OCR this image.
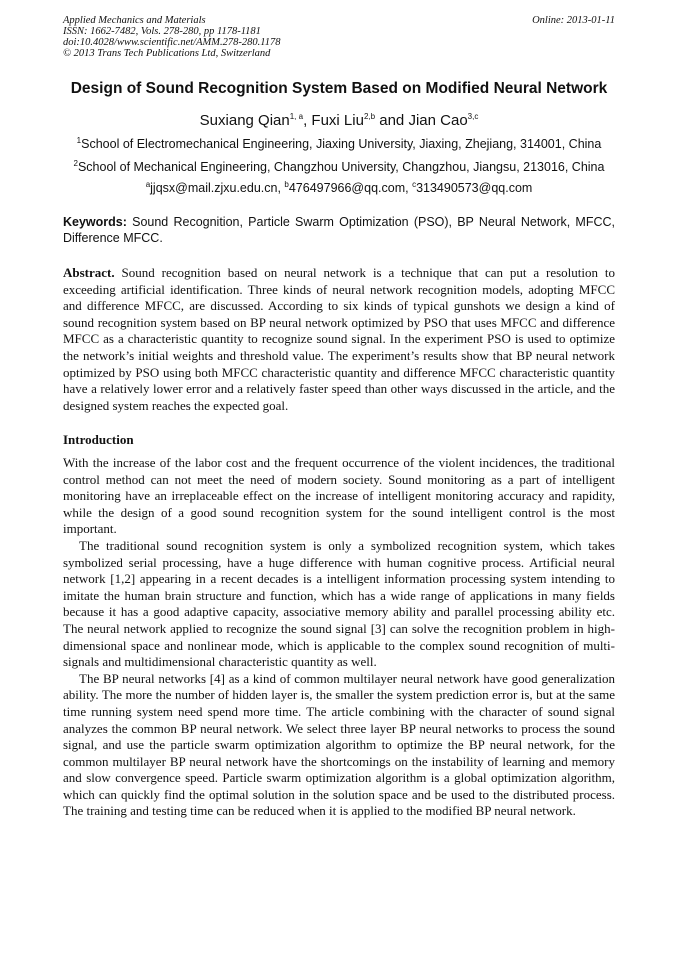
Applied Mechanics and Materials
ISSN: 1662-7482, Vols. 278-280, pp 1178-1181
doi:10.4028/www.scientific.net/AMM.278-280.1178
© 2013 Trans Tech Publications Ltd, Switzerland
Online: 2013-01-11
Design of Sound Recognition System Based on Modified Neural Network
Suxiang Qian$^{1, a}$, Fuxi Liu$^{2,b}$ and Jian Cao$^{3,c}$
$^1$School of Electromechanical Engineering, Jiaxing University, Jiaxing, Zhejiang, 314001, China
$^2$School of Mechanical Engineering, Changzhou University, Changzhou, Jiangsu, 213016, China
$^a$jjqsx@mail.zjxu.edu.cn, $^b$476497966@qq.com, $^c$313490573@qq.com
Keywords: Sound Recognition, Particle Swarm Optimization (PSO), BP Neural Network, MFCC, Difference MFCC.
Abstract. Sound recognition based on neural network is a technique that can put a resolution to exceeding artificial identification. Three kinds of neural network recognition models, adopting MFCC and difference MFCC, are discussed. According to six kinds of typical gunshots we design a kind of sound recognition system based on BP neural network optimized by PSO that uses MFCC and difference MFCC as a characteristic quantity to recognize sound signal. In the experiment PSO is used to optimize the network’s initial weights and threshold value. The experiment’s results show that BP neural network optimized by PSO using both MFCC characteristic quantity and difference MFCC characteristic quantity have a relatively lower error and a relatively faster speed than other ways discussed in the article, and the designed system reaches the expected goal.
Introduction

With the increase of the labor cost and the frequent occurrence of the violent incidences, the traditional control method can not meet the need of modern society. Sound monitoring as a part of intelligent monitoring have an irreplaceable effect on the increase of intelligent monitoring accuracy and rapidity, while the design of a good sound recognition system for the sound intelligent control is the most important.

The traditional sound recognition system is only a symbolized recognition system, which takes symbolized serial processing, have a huge difference with human cognitive process. Artificial neural network [1,2] appearing in a recent decades is a intelligent information processing system intending to imitate the human brain structure and function, which has a wide range of applications in many fields because it has a good adaptive capacity, associative memory ability and parallel processing ability etc. The neural network applied to recognize the sound signal [3] can solve the recognition problem in high-dimensional space and nonlinear mode, which is applicable to the complex sound recognition of multi-signals and multidimensional characteristic quantity as well.

The BP neural networks [4] as a kind of common multilayer neural network have good generalization ability. The more the number of hidden layer is, the smaller the system prediction error is, but at the same time running system need spend more time. The article combining with the character of sound signal analyzes the common BP neural network. We select three layer BP neural networks to process the sound signal, and use the particle swarm optimization algorithm to optimize the BP neural network, for the common multilayer BP neural network have the shortcomings on the instability of learning and memory and slow convergence speed. Particle swarm optimization algorithm is a global optimization algorithm, which can quickly find the optimal solution in the solution space and be used to the distributed process. The training and testing time can be reduced when it is applied to the modified BP neural network.
